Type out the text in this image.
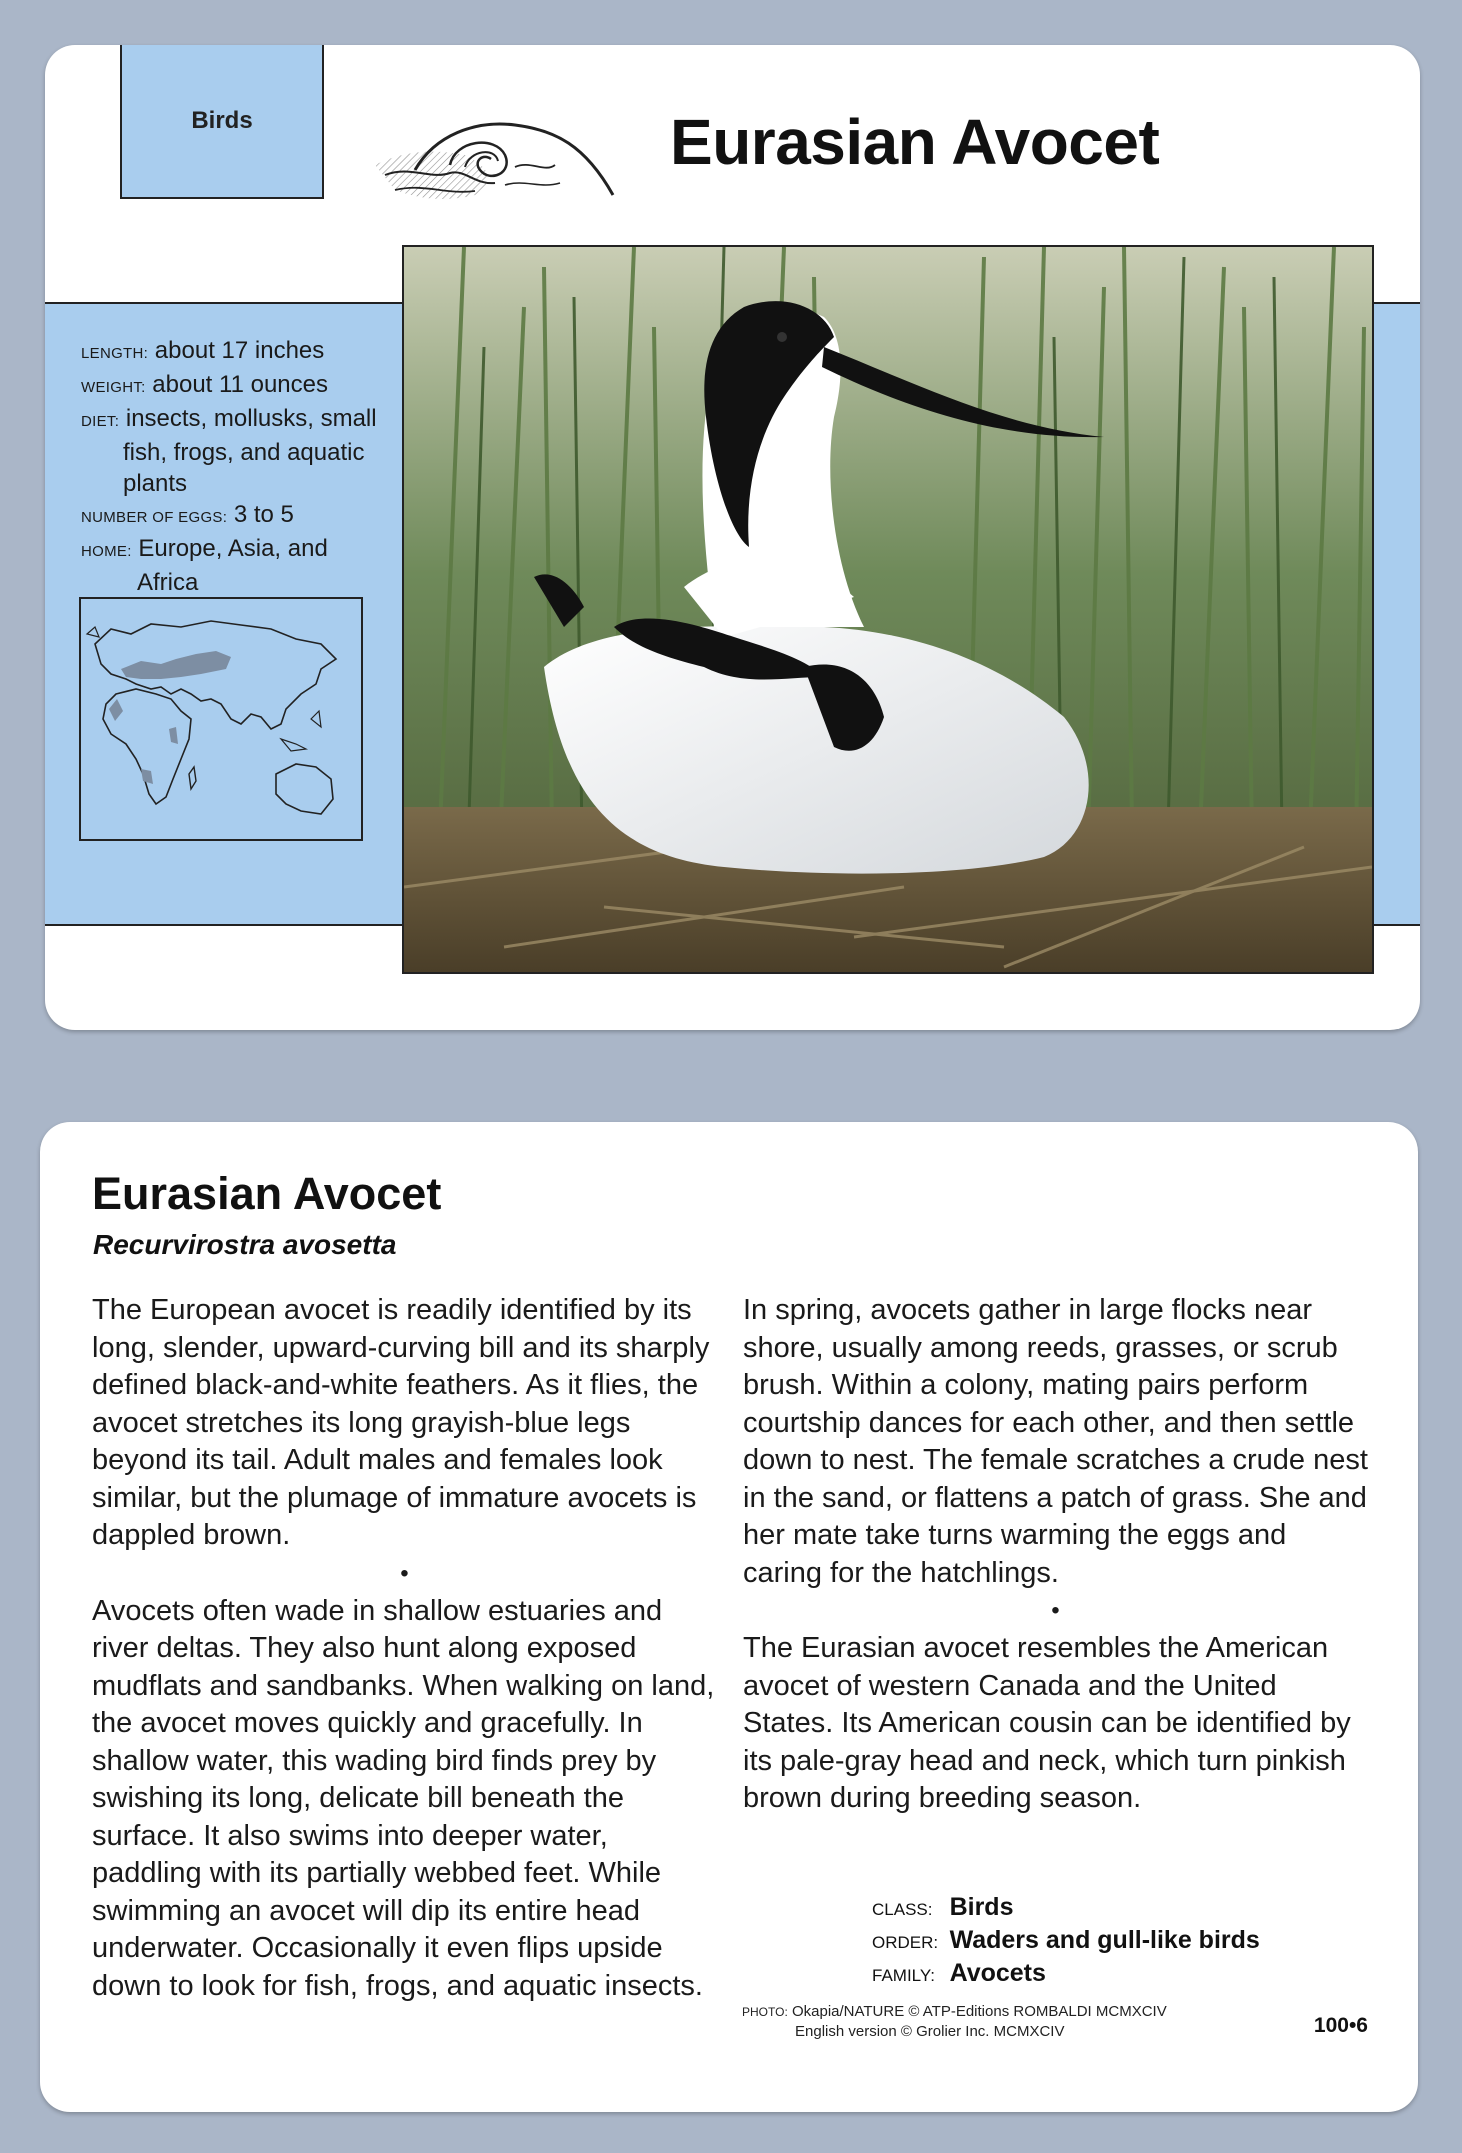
Birds	Eurasian Avocet
LENGTH: about 17 inches
WEIGHT: about 11 ounces
DIET: insects, mollusks, small
fish, frogs, and aquatic
plants
NUMBER OF EGGS: 3 to 5
HOME: Europe, Asia, and
Africa
Eurasian Avocet
Recurvirostra avosetta

The European avocet is readily identified by its long, slender, upward-curving bill and its sharply defined black-and-white feathers. As it flies, the avocet stretches its long grayish-blue legs beyond its tail. Adult males and females look similar, but the plumage of immature avocets is dappled brown.

•

Avocets often wade in shallow estuaries and river deltas. They also hunt along exposed mudflats and sandbanks. When walking on land, the avocet moves quickly and gracefully. In shallow water, this wading bird finds prey by swishing its long, delicate bill beneath the surface. It also swims into deeper water, paddling with its partially webbed feet. While swimming an avocet will dip its entire head underwater. Occasionally it even flips upside down to look for fish, frogs, and aquatic insects.

In spring, avocets gather in large flocks near shore, usually among reeds, grasses, or scrub brush. Within a colony, mating pairs perform courtship dances for each other, and then settle down to nest. The female scratches a crude nest in the sand, or flattens a patch of grass. She and her mate take turns warming the eggs and caring for the hatchlings.

•

The Eurasian avocet resembles the American avocet of western Canada and the United States. Its American cousin can be identified by its pale-gray head and neck, which turn pinkish brown during breeding season.

CLASS: Birds
ORDER: Waders and gull-like birds
FAMILY: Avocets
PHOTO: Okapia/NATURE © ATP-Editions ROMBALDI MCMXCIV
English version © Grolier Inc. MCMXCIV	100•6
